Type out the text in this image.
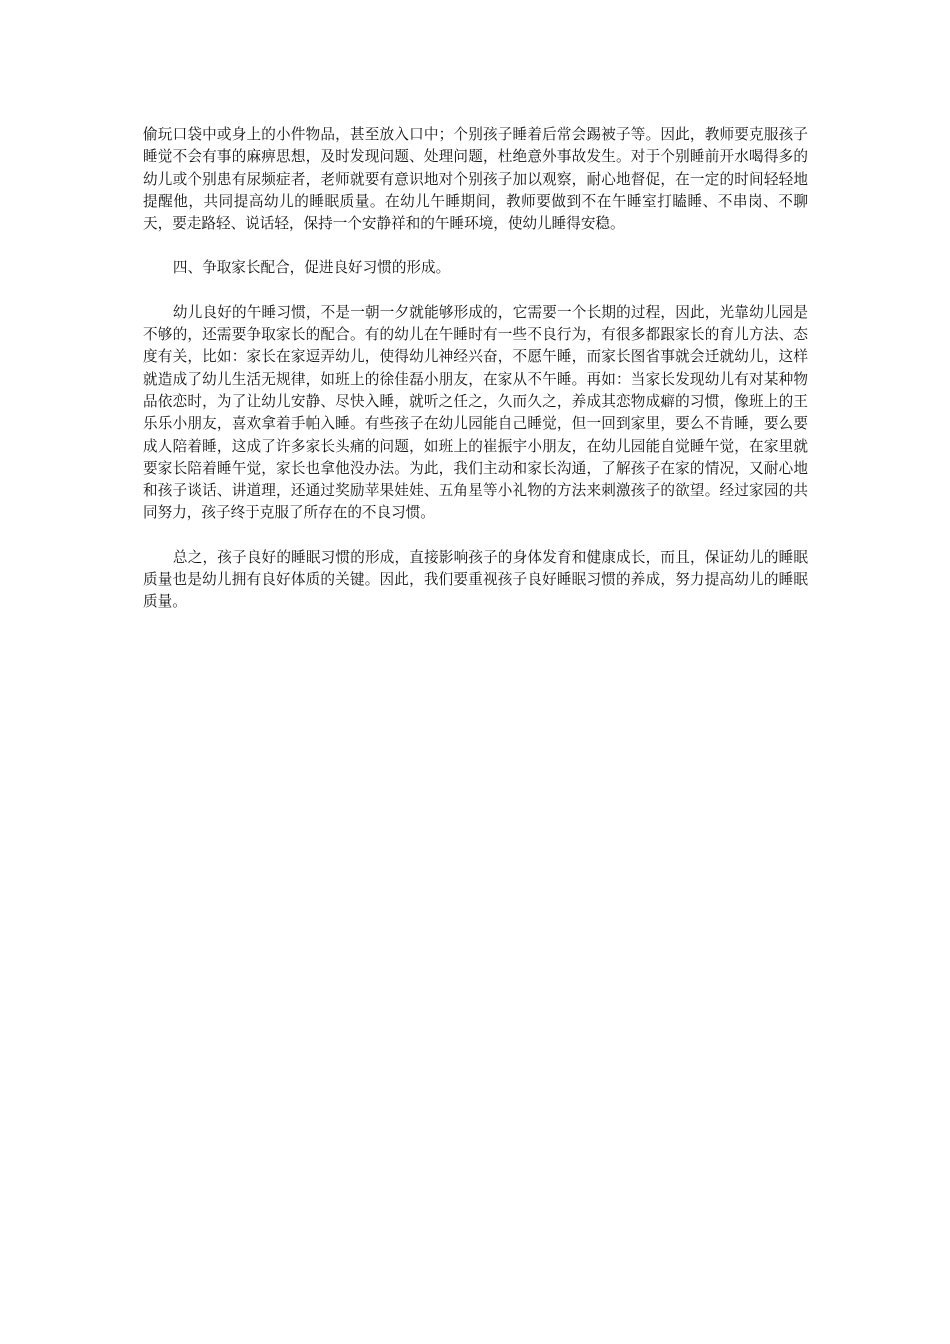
偷玩口袋中或身上的小件物品，甚至放入口中；个别孩子睡着后常会踢被子等。因此，教师要克服孩子睡觉不会有事的麻痹思想，及时发现问题、处理问题，杜绝意外事故发生。对于个别睡前开水喝得多的幼儿或个别患有尿频症者，老师就要有意识地对个别孩子加以观察，耐心地督促，在一定的时间轻轻地提醒他，共同提高幼儿的睡眠质量。在幼儿午睡期间，教师要做到不在午睡室打瞌睡、不串岗、不聊天，要走路轻、说话轻，保持一个安静祥和的午睡环境，使幼儿睡得安稳。

四、争取家长配合，促进良好习惯的形成。

幼儿良好的午睡习惯，不是一朝一夕就能够形成的，它需要一个长期的过程，因此，光靠幼儿园是不够的，还需要争取家长的配合。有的幼儿在午睡时有一些不良行为，有很多都跟家长的育儿方法、态度有关，比如：家长在家逗弄幼儿，使得幼儿神经兴奋，不愿午睡，而家长图省事就会迁就幼儿，这样就造成了幼儿生活无规律，如班上的徐佳磊小朋友，在家从不午睡。再如：当家长发现幼儿有对某种物品依恋时，为了让幼儿安静、尽快入睡，就听之任之，久而久之，养成其恋物成癖的习惯，像班上的王乐乐小朋友，喜欢拿着手帕入睡。有些孩子在幼儿园能自己睡觉，但一回到家里，要么不肯睡，要么要成人陪着睡，这成了许多家长头痛的问题，如班上的崔振宇小朋友，在幼儿园能自觉睡午觉，在家里就要家长陪着睡午觉，家长也拿他没办法。为此，我们主动和家长沟通，了解孩子在家的情况，又耐心地和孩子谈话、讲道理，还通过奖励苹果娃娃、五角星等小礼物的方法来刺激孩子的欲望。经过家园的共同努力，孩子终于克服了所存在的不良习惯。

总之，孩子良好的睡眠习惯的形成，直接影响孩子的身体发育和健康成长，而且，保证幼儿的睡眠质量也是幼儿拥有良好体质的关键。因此，我们要重视孩子良好睡眠习惯的养成，努力提高幼儿的睡眠质量。
